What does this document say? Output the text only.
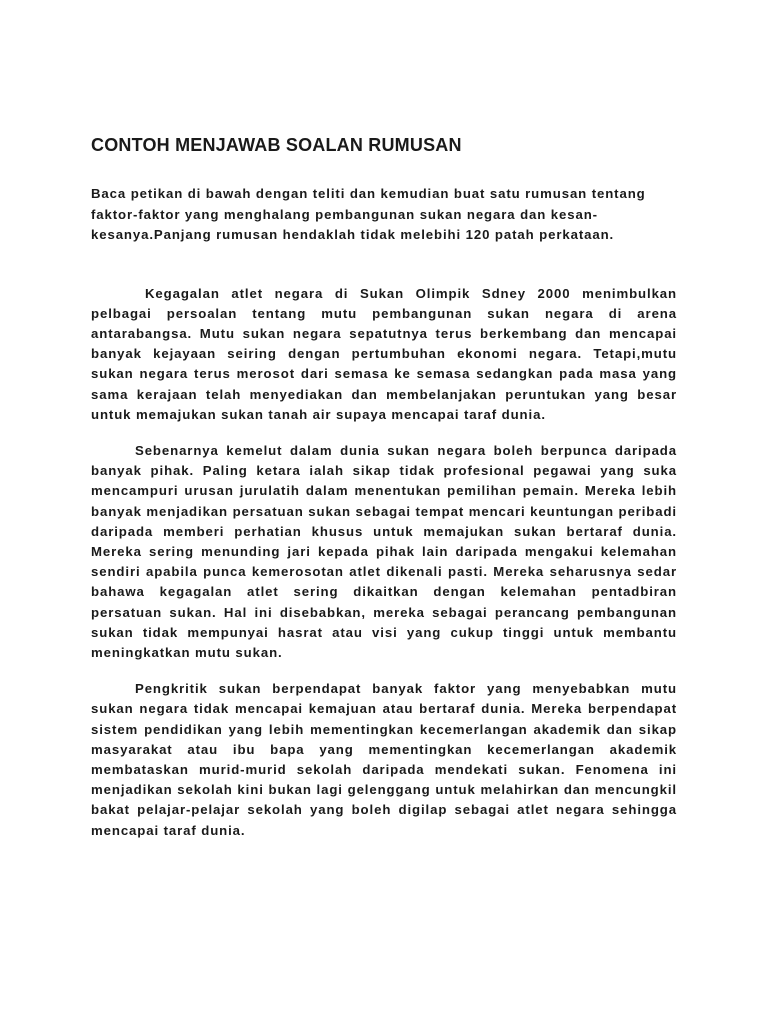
CONTOH MENJAWAB SOALAN RUMUSAN

Baca petikan di bawah dengan teliti dan kemudian buat satu rumusan tentang faktor-faktor yang menghalang pembangunan sukan negara dan kesan-kesanya.Panjang rumusan hendaklah tidak melebihi 120 patah perkataan.

Kegagalan atlet negara di Sukan Olimpik Sdney 2000 menimbulkan pelbagai persoalan tentang mutu pembangunan sukan negara di arena antarabangsa. Mutu sukan negara sepatutnya terus berkembang dan mencapai banyak kejayaan seiring dengan pertumbuhan ekonomi negara. Tetapi,mutu sukan negara terus merosot dari semasa ke semasa sedangkan pada masa yang sama kerajaan telah menyediakan dan membelanjakan peruntukan yang besar untuk memajukan sukan tanah air supaya mencapai taraf dunia.

Sebenarnya kemelut dalam dunia sukan negara boleh berpunca daripada banyak pihak. Paling ketara ialah sikap tidak profesional pegawai yang suka mencampuri urusan jurulatih dalam menentukan pemilihan pemain. Mereka lebih banyak menjadikan persatuan sukan sebagai tempat mencari keuntungan peribadi daripada memberi perhatian khusus untuk memajukan sukan bertaraf dunia. Mereka sering menunding jari kepada pihak lain daripada mengakui kelemahan sendiri apabila punca kemerosotan atlet dikenali pasti. Mereka seharusnya sedar bahawa kegagalan atlet sering dikaitkan dengan kelemahan pentadbiran persatuan sukan. Hal ini disebabkan, mereka sebagai perancang pembangunan sukan tidak mempunyai hasrat atau visi yang cukup tinggi untuk membantu meningkatkan mutu sukan.

Pengkritik sukan berpendapat banyak faktor yang menyebabkan mutu sukan negara tidak mencapai kemajuan atau bertaraf dunia. Mereka berpendapat sistem pendidikan yang lebih mementingkan kecemerlangan akademik dan sikap masyarakat atau ibu bapa yang mementingkan kecemerlangan akademik membataskan murid-murid sekolah daripada mendekati sukan. Fenomena ini menjadikan sekolah kini bukan lagi gelenggang untuk melahirkan dan mencungkil bakat pelajar-pelajar sekolah yang boleh digilap sebagai atlet negara sehingga mencapai taraf dunia.
